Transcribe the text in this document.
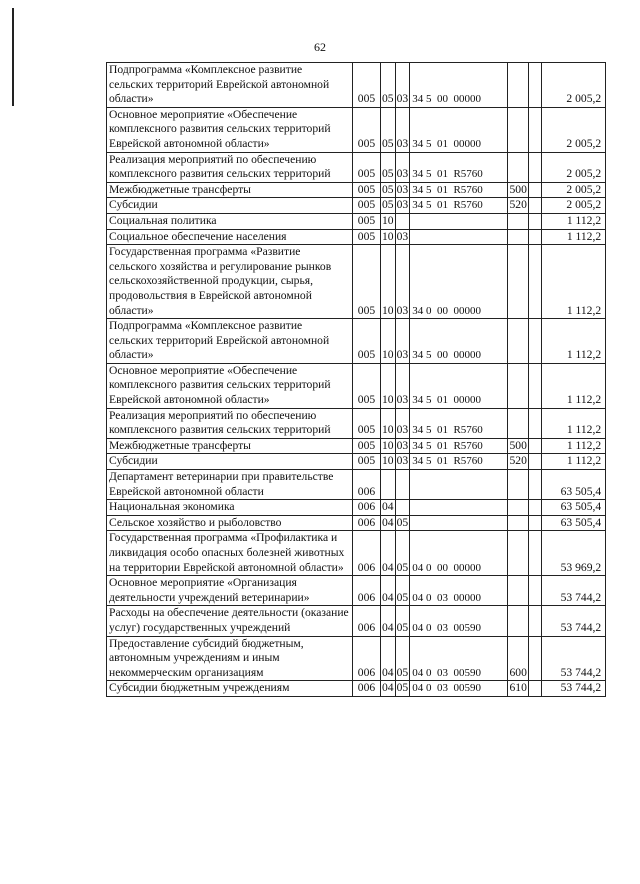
62
Подпрограмма «Комплексное развитие сельских территорий Еврейской автономной области»	005	05	03	34 5  00  00000			2 005,2
Основное мероприятие «Обеспечение комплексного развития сельских территорий Еврейской автономной области»	005	05	03	34 5  01  00000			2 005,2
Реализация мероприятий по обеспечению комплексного развития сельских территорий	005	05	03	34 5  01  R5760			2 005,2
Межбюджетные трансферты	005	05	03	34 5  01  R5760	500		2 005,2
Субсидии	005	05	03	34 5  01  R5760	520		2 005,2
Социальная политика	005	10					1 112,2
Социальное обеспечение населения	005	10	03				1 112,2
Государственная программа «Развитие сельского хозяйства и регулирование рынков сельскохозяйственной продукции, сырья, продовольствия в Еврейской автономной области»	005	10	03	34 0  00  00000			1 112,2
Подпрограмма «Комплексное развитие сельских территорий Еврейской автономной области»	005	10	03	34 5  00  00000			1 112,2
Основное мероприятие «Обеспечение комплексного развития сельских территорий Еврейской автономной области»	005	10	03	34 5  01  00000			1 112,2
Реализация мероприятий по обеспечению комплексного развития сельских территорий	005	10	03	34 5  01  R5760			1 112,2
Межбюджетные трансферты	005	10	03	34 5  01  R5760	500		1 112,2
Субсидии	005	10	03	34 5  01  R5760	520		1 112,2
Департамент ветеринарии при правительстве Еврейской автономной области	006						63 505,4
Национальная экономика	006	04					63 505,4
Сельское хозяйство и рыболовство	006	04	05				63 505,4
Государственная программа «Профилактика и ликвидация особо опасных болезней животных на территории Еврейской автономной области»	006	04	05	04 0  00  00000			53 969,2
Основное мероприятие «Организация деятельности учреждений ветеринарии»	006	04	05	04 0  03  00000			53 744,2
Расходы на обеспечение деятельности (оказание услуг) государственных учреждений	006	04	05	04 0  03  00590			53 744,2
Предоставление субсидий бюджетным, автономным учреждениям и иным некоммерческим организациям	006	04	05	04 0  03  00590	600		53 744,2
Субсидии бюджетным учреждениям	006	04	05	04 0  03  00590	610		53 744,2
